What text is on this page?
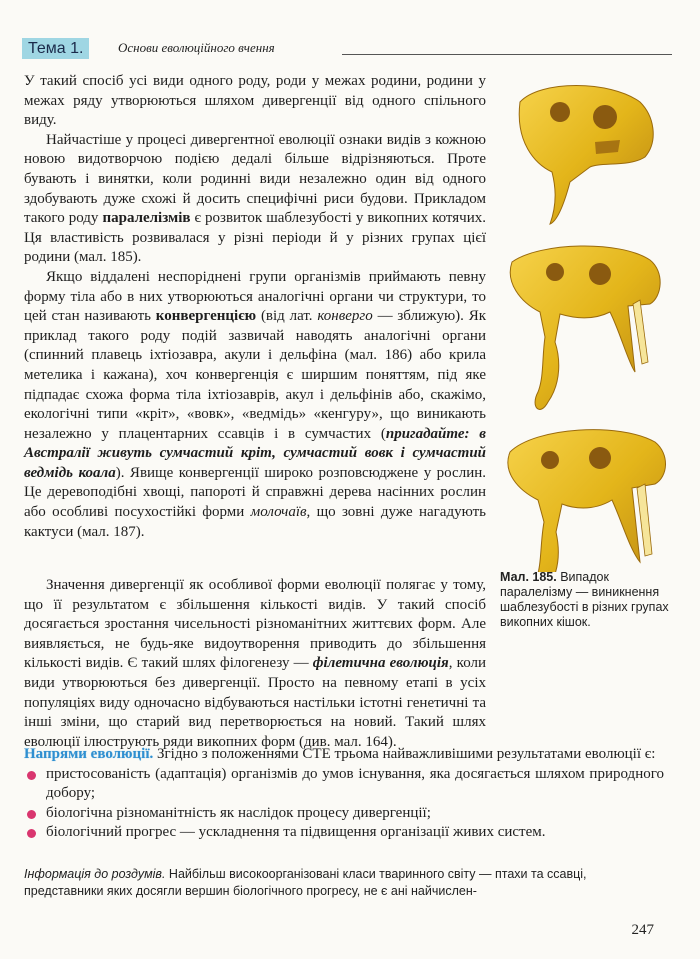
Тема 1.	Основи еволюційного вчення

У такий спосіб усі види одного роду, роди у межах родини, родини у межах ряду утворюються шляхом дивергенції від одного спільного виду.

Найчастіше у процесі дивергентної еволюції ознаки видів з кожною новою видотворчою подією дедалі більше відрізняються. Проте бувають і винятки, коли родинні види незалежно один від одного здобувають дуже схожі й досить специфічні риси будови. Прикладом такого роду паралелізмів є розвиток шаблезубості у викопних котячих. Ця властивість розвивалася у різні періоди й у різних групах цієї родини (мал. 185).

Якщо віддалені неспоріднені групи організмів приймають певну форму тіла або в них утворюються аналогічні органи чи структури, то цей стан називають конвергенцією (від лат. конверго — зближую). Як приклад такого роду подій зазвичай наводять аналогічні органи (спинний плавець іхтіозавра, акули і дельфіна (мал. 186) або крила метелика і кажана), хоч конвергенція є ширшим поняттям, під яке підпадає схожа форма тіла іхтіозаврів, акул і дельфінів або, скажімо, екологічні типи «кріт», «вовк», «ведмідь» «кенгуру», що виникають незалежно у плацентарних ссавців і в сумчастих (пригадайте: в Австралії живуть сумчастий кріт, сумчастий вовк і сумчастий ведмідь коала). Явище конвергенції широко розповсюджене у рослин. Це деревоподібні хвощі, папороті й справжні дерева насінних рослин або особливі посухостійкі форми молочаїв, що зовні дуже нагадують кактуси (мал. 187).

Мал. 185. Випадок паралелізму — виникнення шаблезубості в різних групах викопних кішок.

Значення дивергенції як особливої форми еволюції полягає у тому, що її результатом є збільшення кількості видів. У такий спосіб досягається зростання чисельності різноманітних життєвих форм. Але виявляється, не будь-яке видоутворення приводить до збільшення кількості видів. Є такий шлях філогенезу — філетична еволюція, коли види утворюються без дивергенції. Просто на певному етапі в усіх популяціях виду одночасно відбуваються настільки істотні генетичні та інші зміни, що старий вид перетворюється на новий. Такий шлях еволюції ілюструють ряди викопних форм (див. мал. 164).

Напрями еволюції. Згідно з положеннями СТЕ трьома найважливішими результатами еволюції є:

пристосованість (адаптація) організмів до умов існування, яка досягається шляхом природного добору;
біологічна різноманітність як наслідок процесу дивергенції;
біологічний прогрес — ускладнення та підвищення організації живих систем.
Інформація до роздумів. Найбільш високоорганізовані класи тваринного світу — птахи та ссавці, представники яких досягли вершин біологічного прогресу, не є ані найчислен-
247
